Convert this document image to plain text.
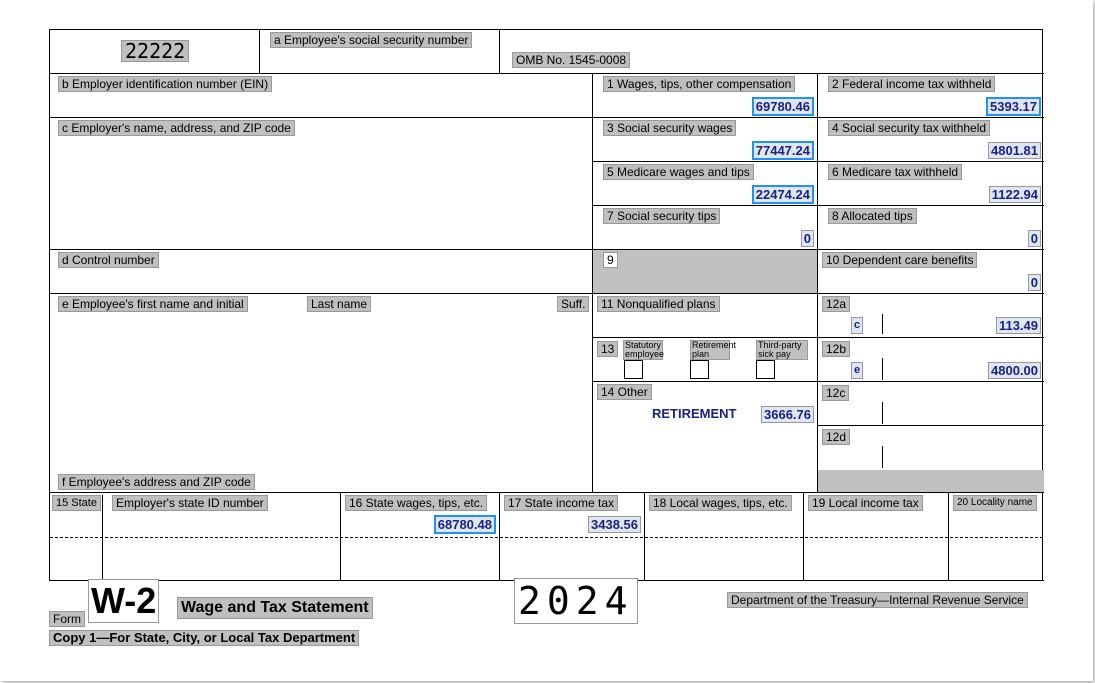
22222	a Employee's social security number
OMB No. 1545-0008
b Employer identification number (EIN)	1 Wages, tips, other compensation
69780.46
2 Federal income tax withheld
5393.17
c Employer's name, address, and ZIP code	3 Social security wages
77447.24
4 Social security tax withheld
4801.81
5 Medicare wages and tips
22474.24
6 Medicare tax withheld
1122.94
7 Social security tips
0
8 Allocated tips
0
d Control number	9	10 Dependent care benefits
0
e Employee's first name and initial	Last name	Suff.
f Employee's address and ZIP code
11 Nonqualified plans
13	Statutory employee
Retirement plan
Third-party sick pay
14 Other
RETIREMENT 3666.76
12a
c	113.49
12b
e	4800.00
12c
12d
15 State	Employer's state ID number	16 State wages, tips, etc.
68780.48
17 State income tax
3438.56
18 Local wages, tips, etc.	19 Local income tax	20 Locality name
Form W-2 Wage and Tax Statement	2024	Department of the Treasury—Internal Revenue Service
Copy 1—For State, City, or Local Tax Department
